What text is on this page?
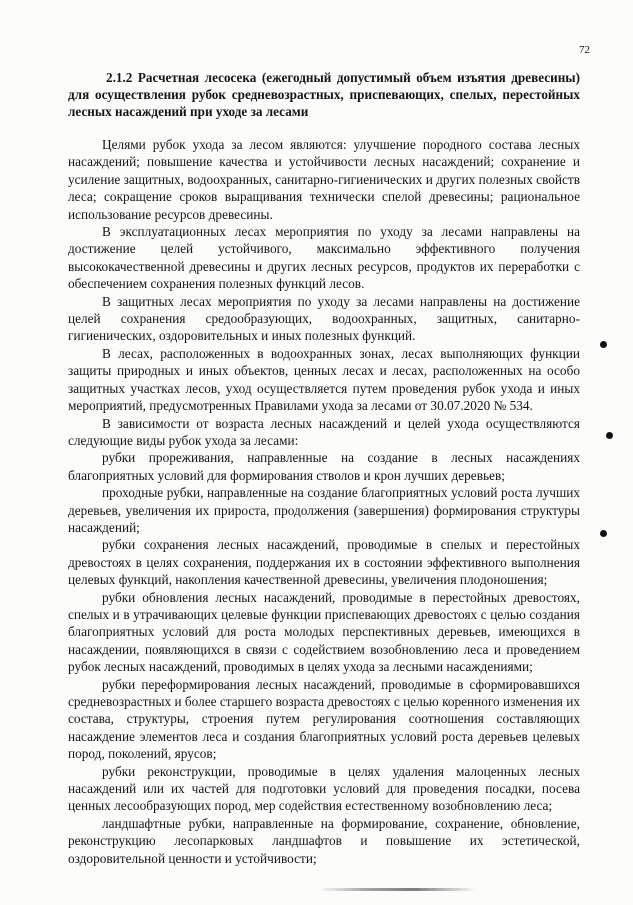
72
2.1.2 Расчетная лесосека (ежегодный допустимый объем изъятия древесины) для осуществления рубок средневозрастных, приспевающих, спелых, перестойных лесных насаждений при уходе за лесами

Целями рубок ухода за лесом являются: улучшение породного состава лесных насаждений; повышение качества и устойчивости лесных насаждений; сохранение и усиление защитных, водоохранных, санитарно-гигиенических и других полезных свойств леса; сокращение сроков выращивания технически спелой древесины; рациональное использование ресурсов древесины.

В эксплуатационных лесах мероприятия по уходу за лесами направлены на достижение целей устойчивого, максимально эффективного получения высококачественной древесины и других лесных ресурсов, продуктов их переработки с обеспечением сохранения полезных функций лесов.

В защитных лесах мероприятия по уходу за лесами направлены на достижение целей сохранения средообразующих, водоохранных, защитных, санитарно-гигиенических, оздоровительных и иных полезных функций.

В лесах, расположенных в водоохранных зонах, лесах выполняющих функции защиты природных и иных объектов, ценных лесах и лесах, расположенных на особо защитных участках лесов, уход осуществляется путем проведения рубок ухода и иных мероприятий, предусмотренных Правилами ухода за лесами от 30.07.2020 № 534.

В зависимости от возраста лесных насаждений и целей ухода осуществляются следующие виды рубок ухода за лесами:

рубки прореживания, направленные на создание в лесных насаждениях благоприятных условий для формирования стволов и крон лучших деревьев;

проходные рубки, направленные на создание благоприятных условий роста лучших деревьев, увеличения их прироста, продолжения (завершения) формирования структуры насаждений;

рубки сохранения лесных насаждений, проводимые в спелых и перестойных древостоях в целях сохранения, поддержания их в состоянии эффективного выполнения целевых функций, накопления качественной древесины, увеличения плодоношения;

рубки обновления лесных насаждений, проводимые в перестойных древостоях, спелых и в утрачивающих целевые функции приспевающих древостоях с целью создания благоприятных условий для роста молодых перспективных деревьев, имеющихся в насаждении, появляющихся в связи с содействием возобновлению леса и проведением рубок лесных насаждений, проводимых в целях ухода за лесными насаждениями;

рубки переформирования лесных насаждений, проводимые в сформировавшихся средневозрастных и более старшего возраста древостоях с целью коренного изменения их состава, структуры, строения путем регулирования соотношения составляющих насаждение элементов леса и создания благоприятных условий роста деревьев целевых пород, поколений, ярусов;

рубки реконструкции, проводимые в целях удаления малоценных лесных насаждений или их частей для подготовки условий для проведения посадки, посева ценных лесообразующих пород, мер содействия естественному возобновлению леса;

ландшафтные рубки, направленные на формирование, сохранение, обновление, реконструкцию лесопарковых ландшафтов и повышение их эстетической, оздоровительной ценности и устойчивости;
